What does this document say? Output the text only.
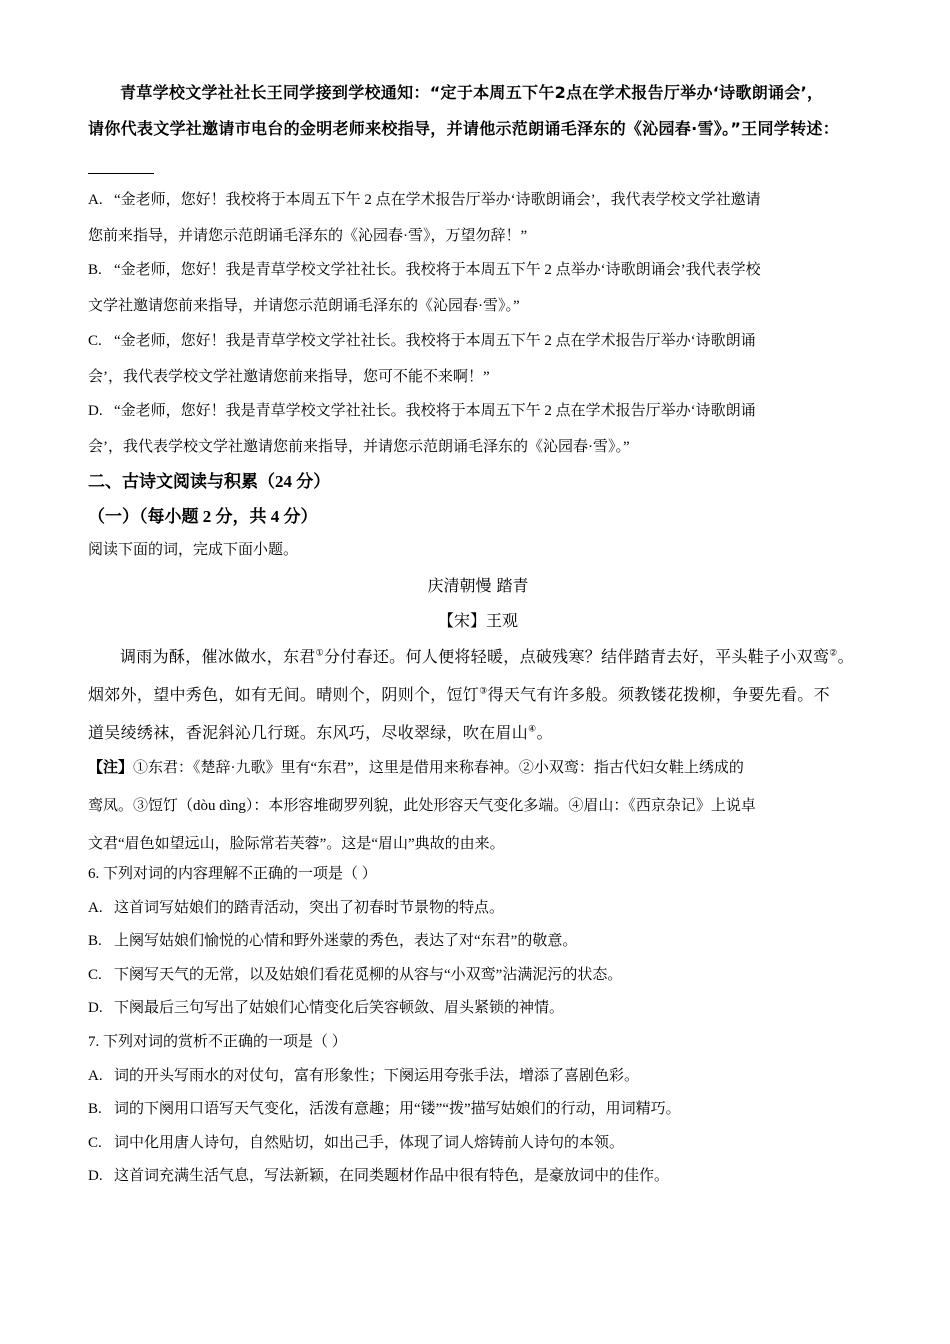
青草学校文学社社长王同学接到学校通知：“定于本周五下午2点在学术报告厅举办‘诗歌朗诵会’，
请你代表文学社邀请市电台的金明老师来校指导，并请他示范朗诵毛泽东的《沁园春·雪》。”王同学转述：
A. “金老师，您好！我校将于本周五下午 2 点在学术报告厅举办‘诗歌朗诵会’，我代表学校文学社邀请
您前来指导，并请您示范朗诵毛泽东的《沁园春·雪》，万望勿辞！”
B. “金老师，您好！我是青草学校文学社社长。我校将于本周五下午 2 点举办‘诗歌朗诵会’我代表学校
文学社邀请您前来指导，并请您示范朗诵毛泽东的《沁园春·雪》。”
C. “金老师，您好！我是青草学校文学社社长。我校将于本周五下午 2 点在学术报告厅举办‘诗歌朗诵
会’，我代表学校文学社邀请您前来指导，您可不能不来啊！”
D. “金老师，您好！我是青草学校文学社社长。我校将于本周五下午 2 点在学术报告厅举办‘诗歌朗诵
会’，我代表学校文学社邀请您前来指导，并请您示范朗诵毛泽东的《沁园春·雪》。”
二、古诗文阅读与积累（24 分）
（一）（每小题 2 分，共 4 分）
阅读下面的词，完成下面小题。
庆清朝慢 踏青
【宋】王观
调雨为酥，催冰做水，东君①分付春还。何人便将轻暖，点破残寒？结伴踏青去好，平头鞋子小双鸾②。
烟郊外，望中秀色，如有无间。晴则个，阴则个，饾饤③得天气有许多般。须教镂花拨柳，争要先看。不
道吴绫绣袜，香泥斜沁几行斑。东风巧，尽收翠绿，吹在眉山④。
【注】①东君：《楚辞·九歌》里有“东君”，这里是借用来称春神。②小双鸾：指古代妇女鞋上绣成的
鸾凤。③饾饤（dòu dìng）：本形容堆砌罗列貌，此处形容天气变化多端。④眉山：《西京杂记》上说卓
文君“眉色如望远山，脸际常若芙蓉”。这是“眉山”典故的由来。
6. 下列对词的内容理解不正确的一项是（ ）
A. 这首词写姑娘们的踏青活动，突出了初春时节景物的特点。
B. 上阕写姑娘们愉悦的心情和野外迷蒙的秀色，表达了对“东君”的敬意。
C. 下阕写天气的无常，以及姑娘们看花觅柳的从容与“小双鸾”沾满泥污的状态。
D. 下阕最后三句写出了姑娘们心情变化后笑容顿敛、眉头紧锁的神情。
7. 下列对词的赏析不正确的一项是（ ）
A. 词的开头写雨水的对仗句，富有形象性；下阕运用夸张手法，增添了喜剧色彩。
B. 词的下阕用口语写天气变化，活泼有意趣；用“镂”“拨”描写姑娘们的行动，用词精巧。
C. 词中化用唐人诗句，自然贴切，如出己手，体现了词人熔铸前人诗句的本领。
D. 这首词充满生活气息，写法新颖，在同类题材作品中很有特色，是豪放词中的佳作。
